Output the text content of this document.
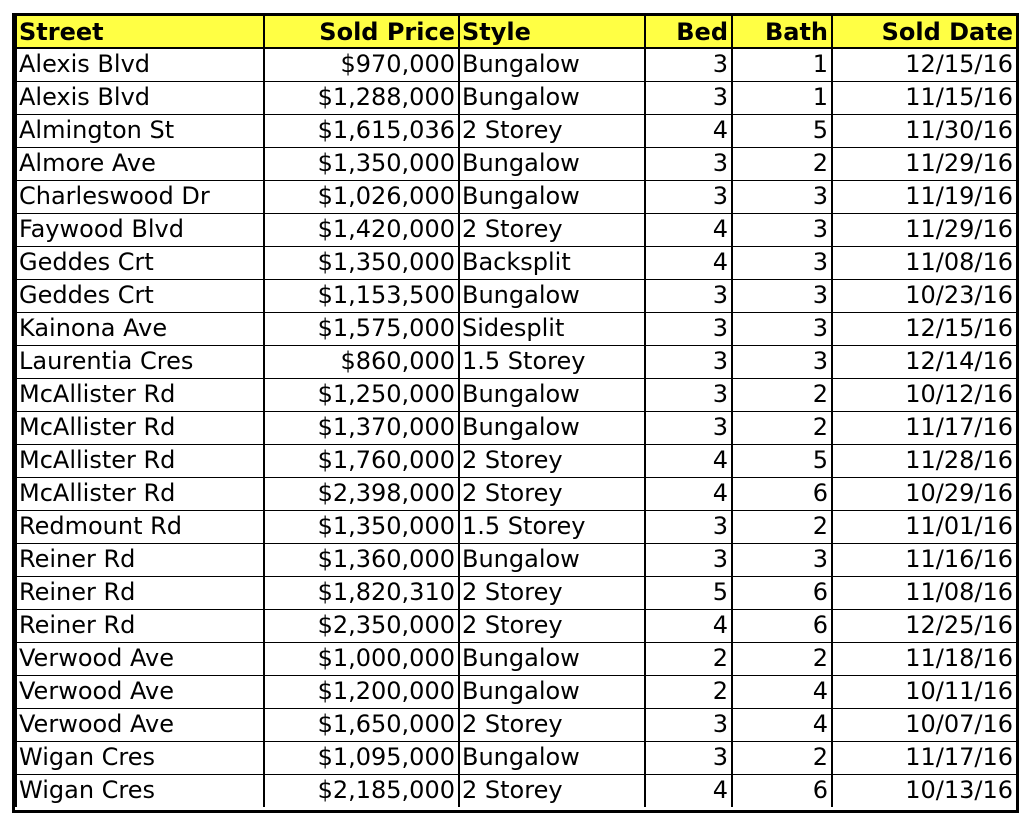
Street	Sold Price	Style	Bed	Bath	Sold Date
Alexis Blvd	$970,000	Bungalow	3	1	12/15/16
Alexis Blvd	$1,288,000	Bungalow	3	1	11/15/16
Almington St	$1,615,036	2 Storey	4	5	11/30/16
Almore Ave	$1,350,000	Bungalow	3	2	11/29/16
Charleswood Dr	$1,026,000	Bungalow	3	3	11/19/16
Faywood Blvd	$1,420,000	2 Storey	4	3	11/29/16
Geddes Crt	$1,350,000	Backsplit	4	3	11/08/16
Geddes Crt	$1,153,500	Bungalow	3	3	10/23/16
Kainona Ave	$1,575,000	Sidesplit	3	3	12/15/16
Laurentia Cres	$860,000	1.5 Storey	3	3	12/14/16
McAllister Rd	$1,250,000	Bungalow	3	2	10/12/16
McAllister Rd	$1,370,000	Bungalow	3	2	11/17/16
McAllister Rd	$1,760,000	2 Storey	4	5	11/28/16
McAllister Rd	$2,398,000	2 Storey	4	6	10/29/16
Redmount Rd	$1,350,000	1.5 Storey	3	2	11/01/16
Reiner Rd	$1,360,000	Bungalow	3	3	11/16/16
Reiner Rd	$1,820,310	2 Storey	5	6	11/08/16
Reiner Rd	$2,350,000	2 Storey	4	6	12/25/16
Verwood Ave	$1,000,000	Bungalow	2	2	11/18/16
Verwood Ave	$1,200,000	Bungalow	2	4	10/11/16
Verwood Ave	$1,650,000	2 Storey	3	4	10/07/16
Wigan Cres	$1,095,000	Bungalow	3	2	11/17/16
Wigan Cres	$2,185,000	2 Storey	4	6	10/13/16
